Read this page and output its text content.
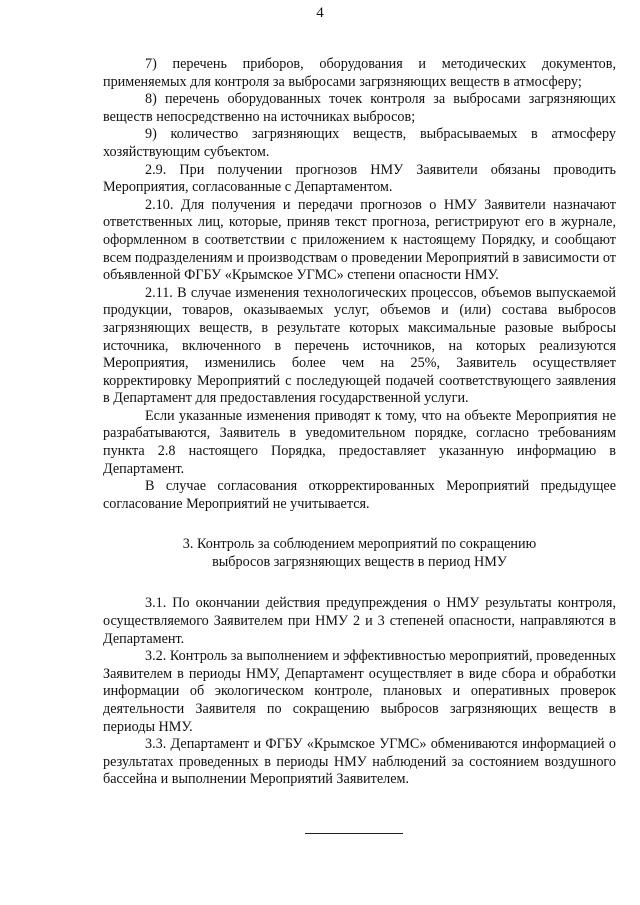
4

7) перечень приборов, оборудования и методических документов, применяемых для контроля за выбросами загрязняющих веществ в атмосферу;

8) перечень оборудованных точек контроля за выбросами загрязняющих веществ непосредственно на источниках выбросов;

9) количество загрязняющих веществ, выбрасываемых в атмосферу хозяйствующим субъектом.

2.9. При получении прогнозов НМУ Заявители обязаны проводить Мероприятия, согласованные с Департаментом.

2.10. Для получения и передачи прогнозов о НМУ Заявители назначают ответственных лиц, которые, приняв текст прогноза, регистрируют его в журнале, оформленном в соответствии с приложением к настоящему Порядку, и сообщают всем подразделениям и производствам о проведении Мероприятий в зависимости от объявленной ФГБУ «Крымское УГМС» степени опасности НМУ.

2.11. В случае изменения технологических процессов, объемов выпускаемой продукции, товаров, оказываемых услуг, объемов и (или) состава выбросов загрязняющих веществ, в результате которых максимальные разовые выбросы источника, включенного в перечень источников, на которых реализуются Мероприятия, изменились более чем на 25%, Заявитель осуществляет корректировку Мероприятий с последующей подачей соответствующего заявления в Департамент для предоставления государственной услуги.

Если указанные изменения приводят к тому, что на объекте Мероприятия не разрабатываются, Заявитель в уведомительном порядке, согласно требованиям пункта 2.8 настоящего Порядка, предоставляет указанную информацию в Департамент.

В случае согласования откорректированных Мероприятий предыдущее согласование Мероприятий не учитывается.

3. Контроль за соблюдением мероприятий по сокращению
выбросов загрязняющих веществ в период НМУ

3.1. По окончании действия предупреждения о НМУ результаты контроля, осуществляемого Заявителем при НМУ 2 и 3 степеней опасности, направляются в Департамент.

3.2. Контроль за выполнением и эффективностью мероприятий, проведенных Заявителем в периоды НМУ, Департамент осуществляет в виде сбора и обработки информации об экологическом контроле, плановых и оперативных проверок деятельности Заявителя по сокращению выбросов загрязняющих веществ в периоды НМУ.

3.3. Департамент и ФГБУ «Крымское УГМС» обмениваются информацией о результатах проведенных в периоды НМУ наблюдений за состоянием воздушного бассейна и выполнении Мероприятий Заявителем.
